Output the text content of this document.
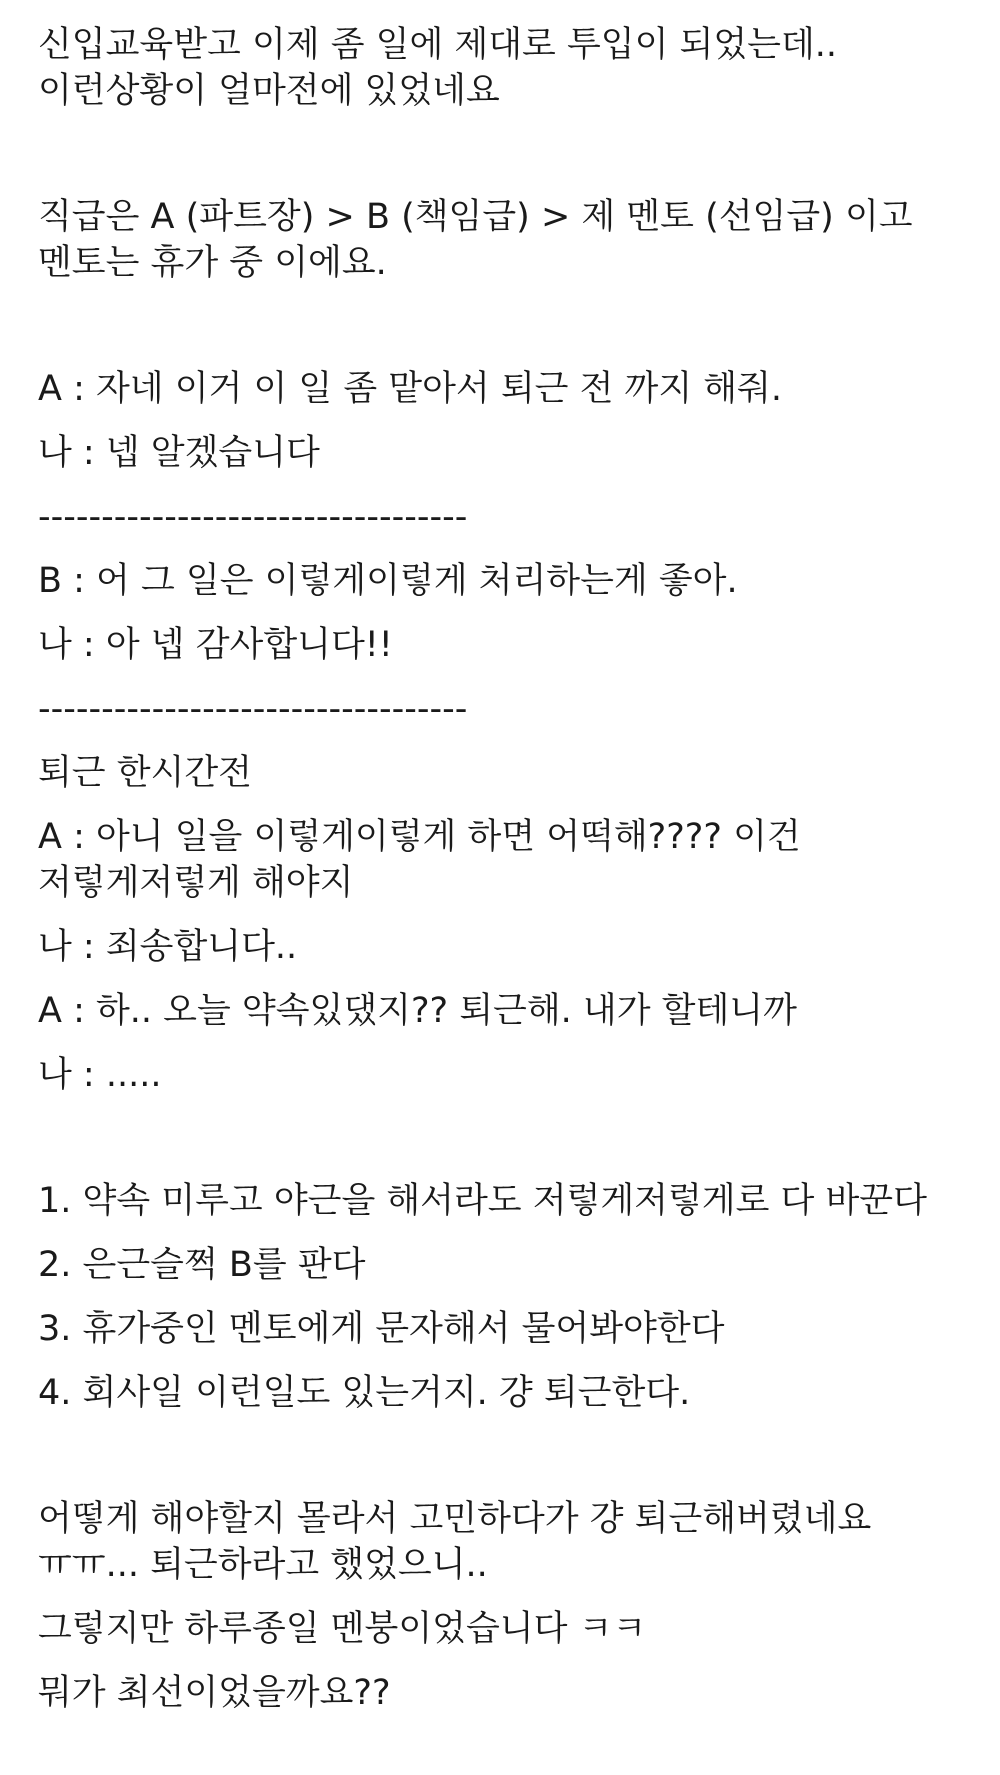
신입교육받고 이제 좀 일에 제대로 투입이 되었는데.. 이런상황이 얼마전에 있었네요

직급은 A (파트장) > B (책임급) > 제 멘토 (선임급) 이고 멘토는 휴가 중 이에요.

A : 자네 이거 이 일 좀 맡아서 퇴근 전 까지 해줘.

나 : 넵 알겠습니다

----------------------------------

B : 어 그 일은 이렇게이렇게 처리하는게 좋아.

나 : 아 넵 감사합니다!!

----------------------------------

퇴근 한시간전

A : 아니 일을 이렇게이렇게 하면 어떡해???? 이건 저렇게저렇게 해야지

나 : 죄송합니다..

A : 하.. 오늘 약속있댔지?? 퇴근해. 내가 할테니까

나 : .....

1. 약속 미루고 야근을 해서라도 저렇게저렇게로 다 바꾼다

2. 은근슬쩍 B를 판다

3. 휴가중인 멘토에게 문자해서 물어봐야한다

4. 회사일 이런일도 있는거지. 걍 퇴근한다.

어떻게 해야할지 몰라서 고민하다가 걍 퇴근해버렸네요 ㅠㅠ... 퇴근하라고 했었으니..

그렇지만 하루종일 멘붕이었습니다 ㅋㅋ

뭐가 최선이었을까요??
